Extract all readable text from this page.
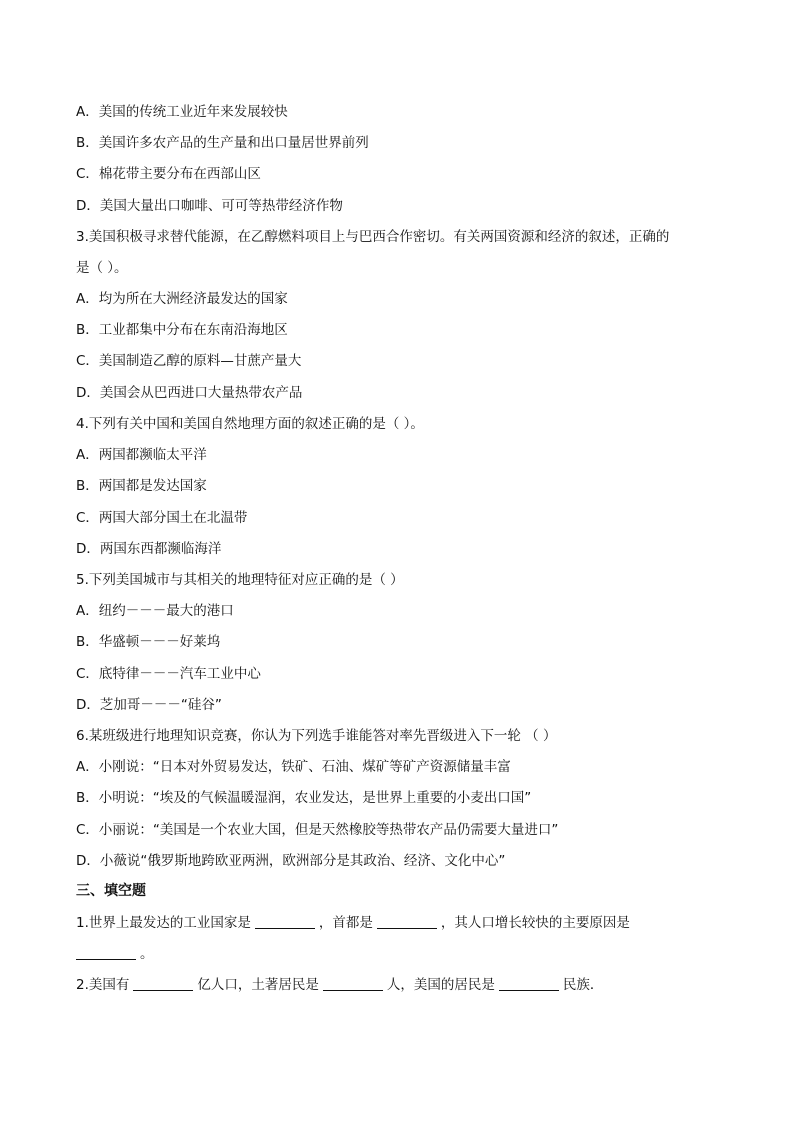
A．美国的传统工业近年来发展较快
B．美国许多农产品的生产量和出口量居世界前列
C．棉花带主要分布在西部山区
D．美国大量出口咖啡、可可等热带经济作物
3.美国积极寻求替代能源，在乙醇燃料项目上与巴西合作密切。有关两国资源和经济的叙述，正确的
是（ ）。
A．均为所在大洲经济最发达的国家
B．工业都集中分布在东南沿海地区
C．美国制造乙醇的原料—甘蔗产量大
D．美国会从巴西进口大量热带农产品
4.下列有关中国和美国自然地理方面的叙述正确的是（ ）。
A．两国都濒临太平洋
B．两国都是发达国家
C．两国大部分国土在北温带
D．两国东西都濒临海洋
5.下列美国城市与其相关的地理特征对应正确的是（ ）
A．纽约－－－最大的港口
B．华盛顿－－－好莱坞
C．底特律－－－汽车工业中心
D．芝加哥－－－“硅谷”
6.某班级进行地理知识竞赛，你认为下列选手谁能答对率先晋级进入下一轮 （ ）
A．小刚说：“日本对外贸易发达，铁矿、石油、煤矿等矿产资源储量丰富
B．小明说：“埃及的气候温暖湿润，农业发达，是世界上重要的小麦出口国”
C．小丽说：“美国是一个农业大国，但是天然橡胶等热带农产品仍需要大量进口”
D．小薇说“俄罗斯地跨欧亚两洲，欧洲部分是其政治、经济、文化中心”
三、填空题
1.世界上最发达的工业国家是	，首都是	，其人口增长较快的主要原因是
。
2.美国有	亿人口，土著居民是	人，美国的居民是	民族．
